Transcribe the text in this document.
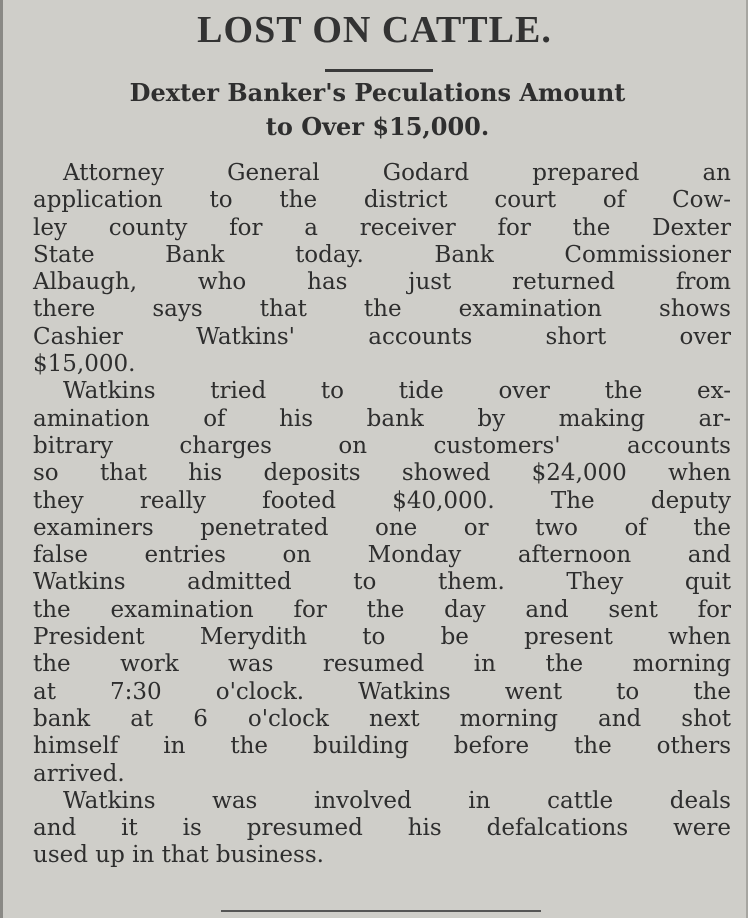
LOST ON CATTLE.
Dexter Banker's Peculations Amount
to Over $15,000.
Attorney General Godard prepared an
application to the district court of Cow-
ley county for a receiver for the Dexter
State Bank today. Bank Commissioner
Albaugh, who has just returned from
there says that the examination shows
Cashier Watkins' accounts short over
$15,000.
Watkins tried to tide over the ex-
amination of his bank by making ar-
bitrary charges on customers' accounts
so that his deposits showed $24,000 when
they really footed $40,000. The deputy
examiners penetrated one or two of the
false entries on Monday afternoon and
Watkins admitted to them. They quit
the examination for the day and sent for
President Merydith to be present when
the work was resumed in the morning
at 7:30 o'clock. Watkins went to the
bank at 6 o'clock next morning and shot
himself in the building before the others
arrived.
Watkins was involved in cattle deals
and it is presumed his defalcations were
used up in that business.
